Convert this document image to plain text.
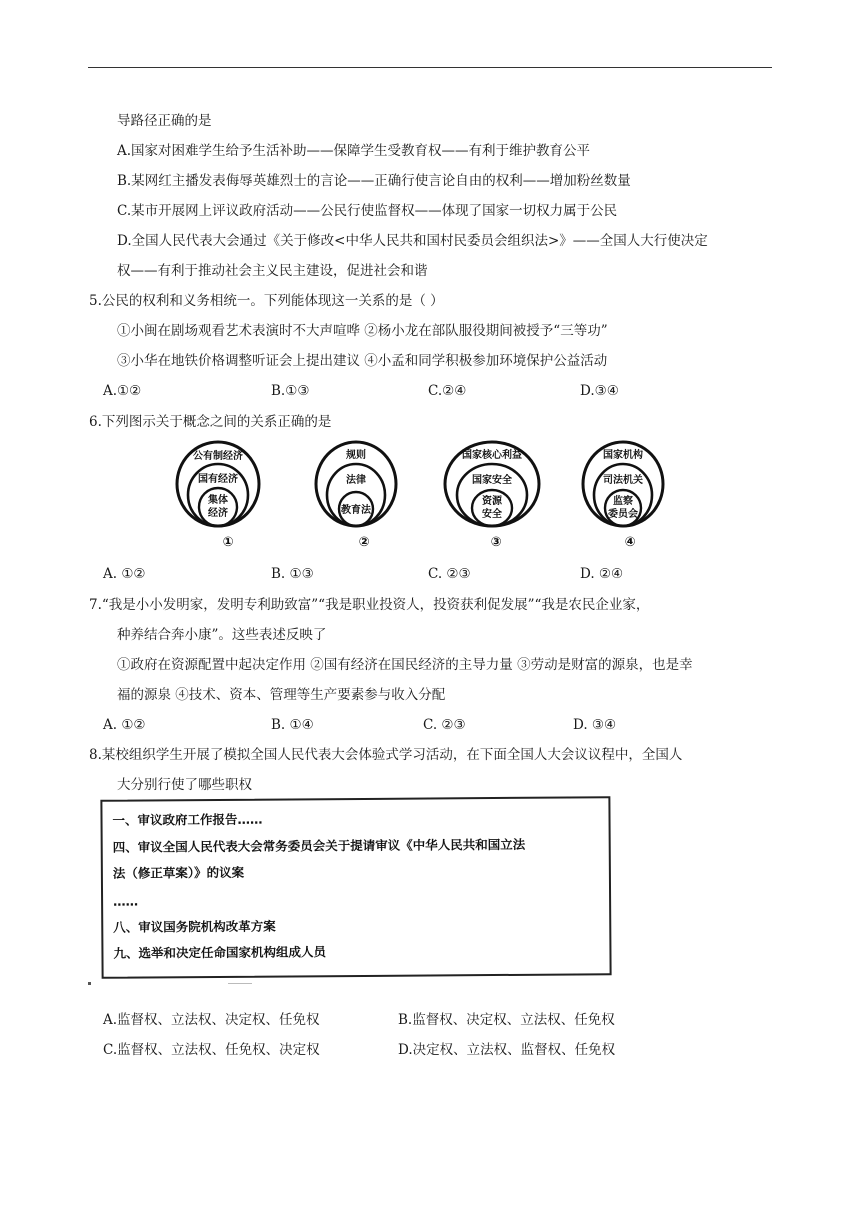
导路径正确的是
A.国家对困难学生给予生活补助——保障学生受教育权——有利于维护教育公平
B.某网红主播发表侮辱英雄烈士的言论——正确行使言论自由的权利——增加粉丝数量
C.某市开展网上评议政府活动——公民行使监督权——体现了国家一切权力属于公民
D.全国人民代表大会通过《关于修改<中华人民共和国村民委员会组织法>》——全国人大行使决定
权——有利于推动社会主义民主建设，促进社会和谐
5.公民的权利和义务相统一。下列能体现这一关系的是（ ）
①小闽在剧场观看艺术表演时不大声喧哗 ②杨小龙在部队服役期间被授予“三等功”
③小华在地铁价格调整听证会上提出建议 ④小孟和同学积极参加环境保护公益活动
A.①②	B.①③	C.②④	D.③④
6.下列图示关于概念之间的关系正确的是
公有制经济
国有经济
集体
经济
①
规则
法律
教育法
②
国家核心利益
国家安全
资源
安全
③
国家机构
司法机关
监察
委员会
④
A. ①②	B. ①③	C. ②③	D. ②④
7.“我是小小发明家，发明专利助致富”“我是职业投资人，投资获利促发展”“我是农民企业家，
种养结合奔小康”。这些表述反映了
①政府在资源配置中起决定作用 ②国有经济在国民经济的主导力量 ③劳动是财富的源泉，也是幸
福的源泉 ④技术、资本、管理等生产要素参与收入分配
A. ①②	B. ①④	C. ②③	D. ③④
8.某校组织学生开展了模拟全国人民代表大会体验式学习活动，在下面全国人大会议议程中，全国人
大分别行使了哪些职权
一、审议政府工作报告……
四、审议全国人民代表大会常务委员会关于提请审议《中华人民共和国立法
法（修正草案）》的议案
……
八、审议国务院机构改革方案
九、选举和决定任命国家机构组成人员
A.监督权、立法权、决定权、任免权	B.监督权、决定权、立法权、任免权
C.监督权、立法权、任免权、决定权	D.决定权、立法权、监督权、任免权
